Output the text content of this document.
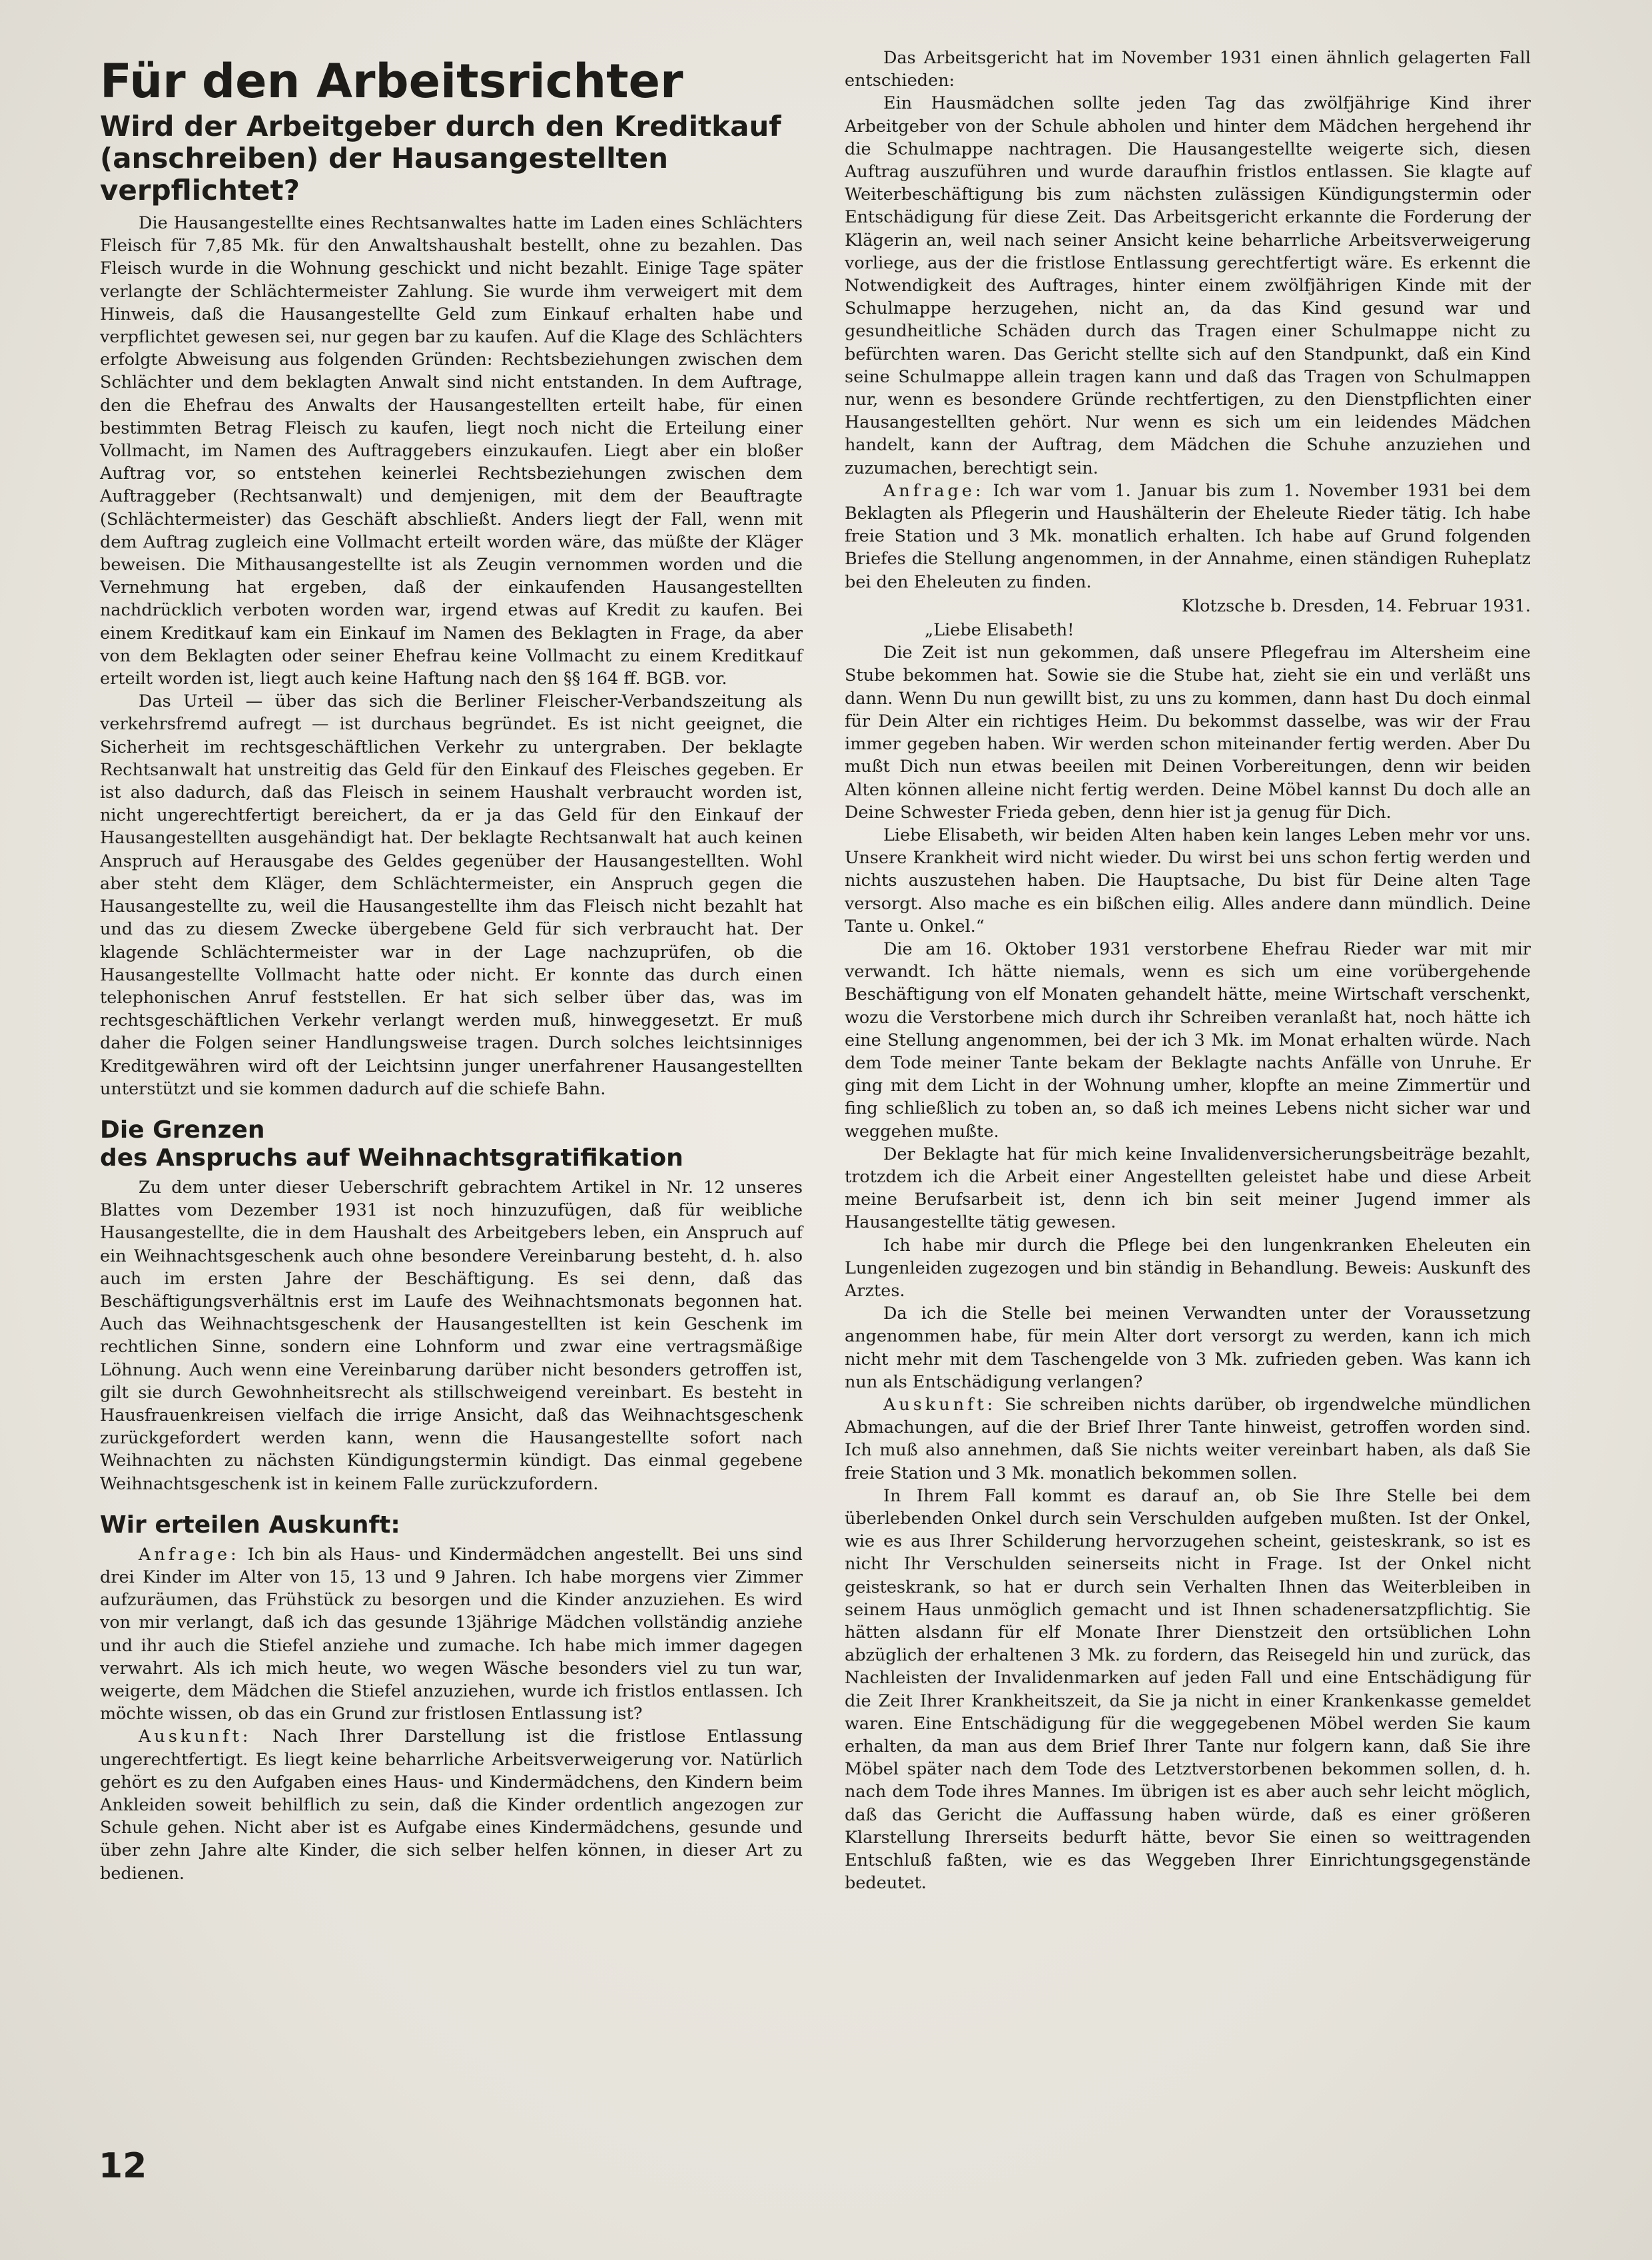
Für den Arbeitsrichter
Wird der Arbeitgeber durch den Kreditkauf (anschreiben) der Hausangestellten verpflichtet?

Die Hausangestellte eines Rechtsanwaltes hatte im Laden eines Schlächters Fleisch für 7,85 Mk. für den Anwaltshaushalt bestellt, ohne zu bezahlen. Das Fleisch wurde in die Wohnung geschickt und nicht bezahlt. Einige Tage später verlangte der Schlächtermeister Zahlung. Sie wurde ihm verweigert mit dem Hinweis, daß die Hausangestellte Geld zum Einkauf erhalten habe und verpflichtet gewesen sei, nur gegen bar zu kaufen. Auf die Klage des Schlächters erfolgte Abweisung aus folgenden Gründen: Rechtsbeziehungen zwischen dem Schlächter und dem beklagten Anwalt sind nicht entstanden. In dem Auftrage, den die Ehefrau des Anwalts der Hausangestellten erteilt habe, für einen bestimmten Betrag Fleisch zu kaufen, liegt noch nicht die Erteilung einer Vollmacht, im Namen des Auftraggebers einzukaufen. Liegt aber ein bloßer Auftrag vor, so entstehen keinerlei Rechtsbeziehungen zwischen dem Auftraggeber (Rechtsanwalt) und demjenigen, mit dem der Beauftragte (Schlächtermeister) das Geschäft abschließt. Anders liegt der Fall, wenn mit dem Auftrag zugleich eine Vollmacht erteilt worden wäre, das müßte der Kläger beweisen. Die Mithausangestellte ist als Zeugin vernommen worden und die Vernehmung hat ergeben, daß der einkaufenden Hausangestellten nachdrücklich verboten worden war, irgend etwas auf Kredit zu kaufen. Bei einem Kreditkauf kam ein Einkauf im Namen des Beklagten in Frage, da aber von dem Beklagten oder seiner Ehefrau keine Vollmacht zu einem Kreditkauf erteilt worden ist, liegt auch keine Haftung nach den §§ 164 ff. BGB. vor.

Das Urteil — über das sich die Berliner Fleischer-Verbandszeitung als verkehrsfremd aufregt — ist durchaus begründet. Es ist nicht geeignet, die Sicherheit im rechtsgeschäftlichen Verkehr zu untergraben. Der beklagte Rechtsanwalt hat unstreitig das Geld für den Einkauf des Fleisches gegeben. Er ist also dadurch, daß das Fleisch in seinem Haushalt verbraucht worden ist, nicht ungerechtfertigt bereichert, da er ja das Geld für den Einkauf der Hausangestellten ausgehändigt hat. Der beklagte Rechtsanwalt hat auch keinen Anspruch auf Herausgabe des Geldes gegenüber der Hausangestellten. Wohl aber steht dem Kläger, dem Schlächtermeister, ein Anspruch gegen die Hausangestellte zu, weil die Hausangestellte ihm das Fleisch nicht bezahlt hat und das zu diesem Zwecke übergebene Geld für sich verbraucht hat. Der klagende Schlächtermeister war in der Lage nachzuprüfen, ob die Hausangestellte Vollmacht hatte oder nicht. Er konnte das durch einen telephonischen Anruf feststellen. Er hat sich selber über das, was im rechtsgeschäftlichen Verkehr verlangt werden muß, hinweggesetzt. Er muß daher die Folgen seiner Handlungsweise tragen. Durch solches leichtsinniges Kreditgewähren wird oft der Leichtsinn junger unerfahrener Hausangestellten unterstützt und sie kommen dadurch auf die schiefe Bahn.

Die Grenzen
des Anspruchs auf Weihnachtsgratifikation

Zu dem unter dieser Ueberschrift gebrachtem Artikel in Nr. 12 unseres Blattes vom Dezember 1931 ist noch hinzuzufügen, daß für weibliche Hausangestellte, die in dem Haushalt des Arbeitgebers leben, ein Anspruch auf ein Weihnachtsgeschenk auch ohne besondere Vereinbarung besteht, d. h. also auch im ersten Jahre der Beschäftigung. Es sei denn, daß das Beschäftigungsverhältnis erst im Laufe des Weihnachtsmonats begonnen hat. Auch das Weihnachtsgeschenk der Hausangestellten ist kein Geschenk im rechtlichen Sinne, sondern eine Lohnform und zwar eine vertragsmäßige Löhnung. Auch wenn eine Vereinbarung darüber nicht besonders getroffen ist, gilt sie durch Gewohnheitsrecht als stillschweigend vereinbart. Es besteht in Hausfrauenkreisen vielfach die irrige Ansicht, daß das Weihnachtsgeschenk zurückgefordert werden kann, wenn die Hausangestellte sofort nach Weihnachten zu nächsten Kündigungstermin kündigt. Das einmal gegebene Weihnachtsgeschenk ist in keinem Falle zurückzufordern.

Wir erteilen Auskunft:

Anfrage: Ich bin als Haus- und Kindermädchen angestellt. Bei uns sind drei Kinder im Alter von 15, 13 und 9 Jahren. Ich habe morgens vier Zimmer aufzuräumen, das Frühstück zu besorgen und die Kinder anzuziehen. Es wird von mir verlangt, daß ich das gesunde 13jährige Mädchen vollständig anziehe und ihr auch die Stiefel anziehe und zumache. Ich habe mich immer dagegen verwahrt. Als ich mich heute, wo wegen Wäsche besonders viel zu tun war, weigerte, dem Mädchen die Stiefel anzuziehen, wurde ich fristlos entlassen. Ich möchte wissen, ob das ein Grund zur fristlosen Entlassung ist?

Auskunft: Nach Ihrer Darstellung ist die fristlose Entlassung ungerechtfertigt. Es liegt keine beharrliche Arbeitsverweigerung vor. Natürlich gehört es zu den Aufgaben eines Haus- und Kindermädchens, den Kindern beim Ankleiden soweit behilflich zu sein, daß die Kinder ordentlich angezogen zur Schule gehen. Nicht aber ist es Aufgabe eines Kindermädchens, gesunde und über zehn Jahre alte Kinder, die sich selber helfen können, in dieser Art zu bedienen.

Das Arbeitsgericht hat im November 1931 einen ähnlich gelagerten Fall entschieden:

Ein Hausmädchen sollte jeden Tag das zwölfjährige Kind ihrer Arbeitgeber von der Schule abholen und hinter dem Mädchen hergehend ihr die Schulmappe nachtragen. Die Hausangestellte weigerte sich, diesen Auftrag auszuführen und wurde daraufhin fristlos entlassen. Sie klagte auf Weiterbeschäftigung bis zum nächsten zulässigen Kündigungstermin oder Entschädigung für diese Zeit. Das Arbeitsgericht erkannte die Forderung der Klägerin an, weil nach seiner Ansicht keine beharrliche Arbeitsverweigerung vorliege, aus der die fristlose Entlassung gerechtfertigt wäre. Es erkennt die Notwendigkeit des Auftrages, hinter einem zwölfjährigen Kinde mit der Schulmappe herzugehen, nicht an, da das Kind gesund war und gesundheitliche Schäden durch das Tragen einer Schulmappe nicht zu befürchten waren. Das Gericht stellte sich auf den Standpunkt, daß ein Kind seine Schulmappe allein tragen kann und daß das Tragen von Schulmappen nur, wenn es besondere Gründe rechtfertigen, zu den Dienstpflichten einer Hausangestellten gehört. Nur wenn es sich um ein leidendes Mädchen handelt, kann der Auftrag, dem Mädchen die Schuhe anzuziehen und zuzumachen, berechtigt sein.

Anfrage: Ich war vom 1. Januar bis zum 1. November 1931 bei dem Beklagten als Pflegerin und Haushälterin der Eheleute Rieder tätig. Ich habe freie Station und 3 Mk. monatlich erhalten. Ich habe auf Grund folgenden Briefes die Stellung angenommen, in der Annahme, einen ständigen Ruheplatz bei den Eheleuten zu finden.

Klotzsche b. Dresden, 14. Februar 1931.

„Liebe Elisabeth!

Die Zeit ist nun gekommen, daß unsere Pflegefrau im Altersheim eine Stube bekommen hat. Sowie sie die Stube hat, zieht sie ein und verläßt uns dann. Wenn Du nun gewillt bist, zu uns zu kommen, dann hast Du doch einmal für Dein Alter ein richtiges Heim. Du bekommst dasselbe, was wir der Frau immer gegeben haben. Wir werden schon miteinander fertig werden. Aber Du mußt Dich nun etwas beeilen mit Deinen Vorbereitungen, denn wir beiden Alten können alleine nicht fertig werden. Deine Möbel kannst Du doch alle an Deine Schwester Frieda geben, denn hier ist ja genug für Dich.

Liebe Elisabeth, wir beiden Alten haben kein langes Leben mehr vor uns. Unsere Krankheit wird nicht wieder. Du wirst bei uns schon fertig werden und nichts auszustehen haben. Die Hauptsache, Du bist für Deine alten Tage versorgt. Also mache es ein bißchen eilig. Alles andere dann mündlich. Deine Tante u. Onkel.“

Die am 16. Oktober 1931 verstorbene Ehefrau Rieder war mit mir verwandt. Ich hätte niemals, wenn es sich um eine vorübergehende Beschäftigung von elf Monaten gehandelt hätte, meine Wirtschaft verschenkt, wozu die Verstorbene mich durch ihr Schreiben veranlaßt hat, noch hätte ich eine Stellung angenommen, bei der ich 3 Mk. im Monat erhalten würde. Nach dem Tode meiner Tante bekam der Beklagte nachts Anfälle von Unruhe. Er ging mit dem Licht in der Wohnung umher, klopfte an meine Zimmertür und fing schließlich zu toben an, so daß ich meines Lebens nicht sicher war und weggehen mußte.

Der Beklagte hat für mich keine Invalidenversicherungsbeiträge bezahlt, trotzdem ich die Arbeit einer Angestellten geleistet habe und diese Arbeit meine Berufsarbeit ist, denn ich bin seit meiner Jugend immer als Hausangestellte tätig gewesen.

Ich habe mir durch die Pflege bei den lungenkranken Eheleuten ein Lungenleiden zugezogen und bin ständig in Behandlung. Beweis: Auskunft des Arztes.

Da ich die Stelle bei meinen Verwandten unter der Voraussetzung angenommen habe, für mein Alter dort versorgt zu werden, kann ich mich nicht mehr mit dem Taschengelde von 3 Mk. zufrieden geben. Was kann ich nun als Entschädigung verlangen?

Auskunft: Sie schreiben nichts darüber, ob irgendwelche mündlichen Abmachungen, auf die der Brief Ihrer Tante hinweist, getroffen worden sind. Ich muß also annehmen, daß Sie nichts weiter vereinbart haben, als daß Sie freie Station und 3 Mk. monatlich bekommen sollen.

In Ihrem Fall kommt es darauf an, ob Sie Ihre Stelle bei dem überlebenden Onkel durch sein Verschulden aufgeben mußten. Ist der Onkel, wie es aus Ihrer Schilderung hervorzugehen scheint, geisteskrank, so ist es nicht Ihr Verschulden seinerseits nicht in Frage. Ist der Onkel nicht geisteskrank, so hat er durch sein Verhalten Ihnen das Weiterbleiben in seinem Haus unmöglich gemacht und ist Ihnen schadenersatzpflichtig. Sie hätten alsdann für elf Monate Ihrer Dienstzeit den ortsüblichen Lohn abzüglich der erhaltenen 3 Mk. zu fordern, das Reisegeld hin und zurück, das Nachleisten der Invalidenmarken auf jeden Fall und eine Entschädigung für die Zeit Ihrer Krankheitszeit, da Sie ja nicht in einer Krankenkasse gemeldet waren. Eine Entschädigung für die weggegebenen Möbel werden Sie kaum erhalten, da man aus dem Brief Ihrer Tante nur folgern kann, daß Sie ihre Möbel später nach dem Tode des Letztverstorbenen bekommen sollen, d. h. nach dem Tode ihres Mannes. Im übrigen ist es aber auch sehr leicht möglich, daß das Gericht die Auffassung haben würde, daß es einer größeren Klarstellung Ihrerseits bedurft hätte, bevor Sie einen so weittragenden Entschluß faßten, wie es das Weggeben Ihrer Einrichtungsgegenstände bedeutet.

12
